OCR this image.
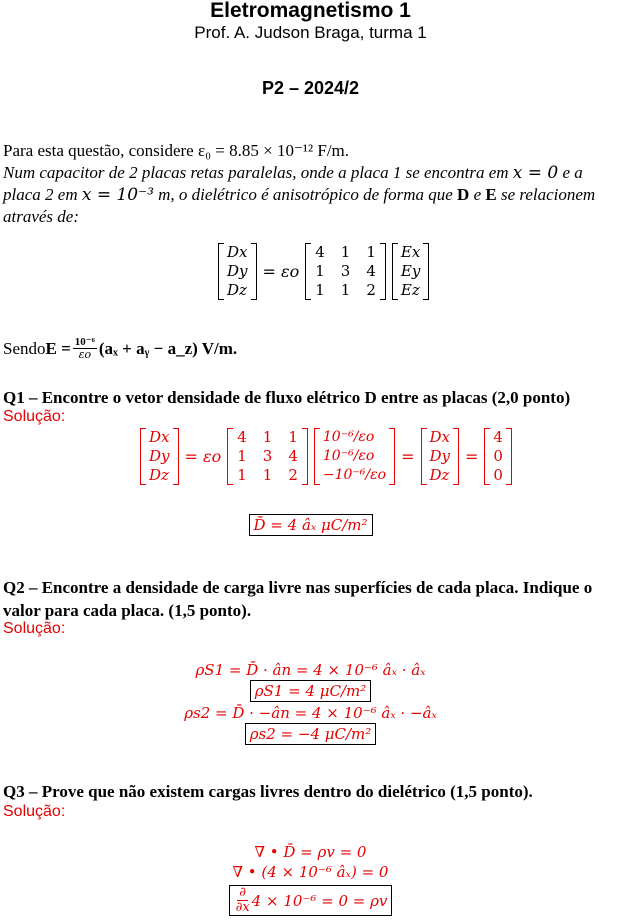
Eletromagnetismo 1
Prof. A. Judson Braga, turma 1
P2 – 2024/2
Para esta questão, considere ε₀ = 8.85 × 10⁻¹² F/m.
Num capacitor de 2 placas retas paralelas, onde a placa 1 se encontra em x = 0 e a placa 2 em x = 10⁻³ m, o dielétrico é anisotrópico de forma que D e E se relacionem através de:
Dx
Dy
Dz
= εo
4 1 1
1 3 4
1 1 2
Ex
Ey
Ez
Sendo $E = \frac{\text{10⁻⁶}}{\varepsilon o} (a_x$ + aᵧ − a_z) V/m.
Q1 – Encontre o vetor densidade de fluxo elétrico D entre as placas (2,0 ponto)
Solução:
Dx
Dy
Dz
= εo
4 1 1
1 3 4
1 1 2
10⁻⁶/εo
10⁻⁶/εo
−10⁻⁶/εo
=
Dx
Dy
Dz
=
4
0
0
D̄ = 4 âₓ μC/m²
Q2 – Encontre a densidade de carga livre nas superfícies de cada placa. Indique o valor para cada placa. (1,5 ponto).
Solução:
ρS1 = D̄ · ân = 4 × 10⁻⁶ âₓ · âₓ
ρS1 = 4 μC/m²
ρs2 = D̄ · −ân = 4 × 10⁻⁶ âₓ · −âₓ
ρs2 = −4 μC/m²
Q3 – Prove que não existem cargas livres dentro do dielétrico (1,5 ponto).
Solução:
∇ • D̄ = ρv = 0
∇ • (4 × 10⁻⁶ âₓ) = 0
$\frac{\partial}{\partial x} 4 \times 10^{-6} = 0 = \rho v$
